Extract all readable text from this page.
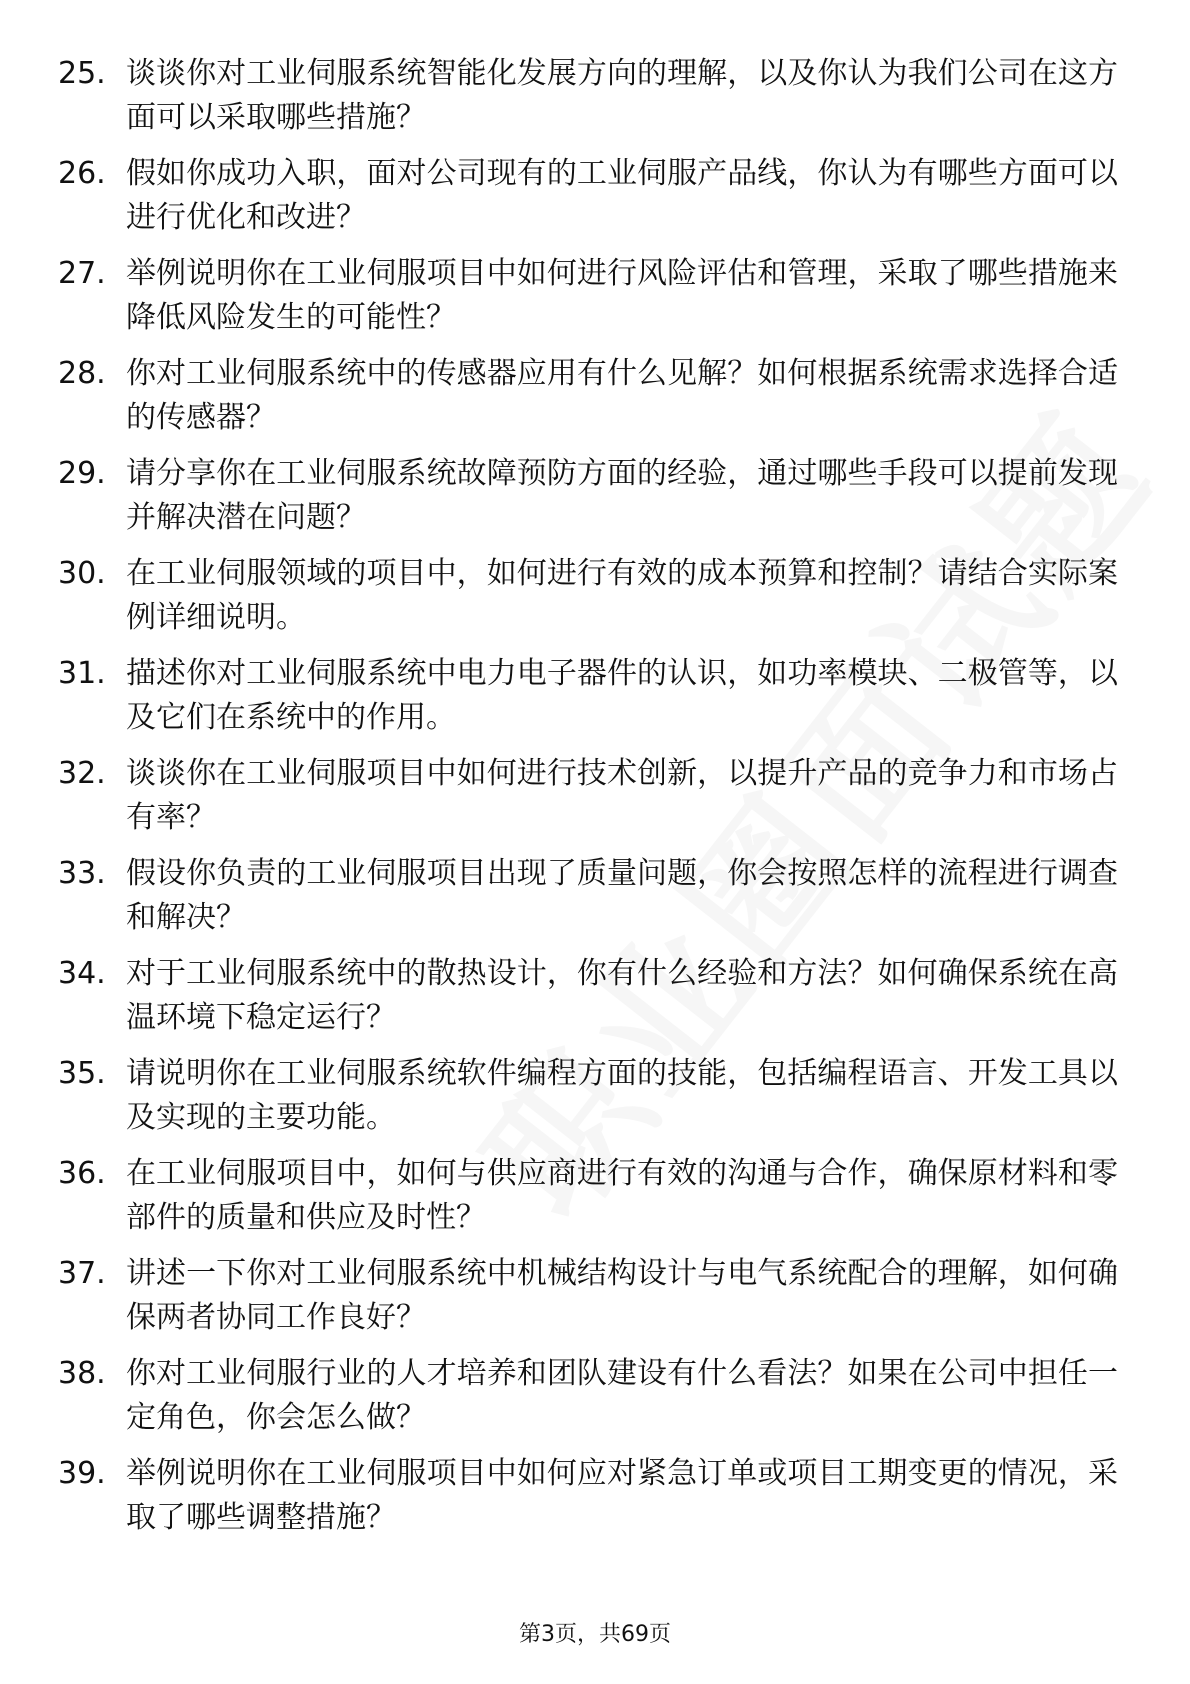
25. 谈谈你对工业伺服系统智能化发展方向的理解，以及你认为我们公司在这方面可以采取哪些措施？
26. 假如你成功入职，面对公司现有的工业伺服产品线，你认为有哪些方面可以进行优化和改进？
27. 举例说明你在工业伺服项目中如何进行风险评估和管理，采取了哪些措施来降低风险发生的可能性？
28. 你对工业伺服系统中的传感器应用有什么见解？如何根据系统需求选择合适的传感器？
29. 请分享你在工业伺服系统故障预防方面的经验，通过哪些手段可以提前发现并解决潜在问题？
30. 在工业伺服领域的项目中，如何进行有效的成本预算和控制？请结合实际案例详细说明。
31. 描述你对工业伺服系统中电力电子器件的认识，如功率模块、二极管等，以及它们在系统中的作用。
32. 谈谈你在工业伺服项目中如何进行技术创新，以提升产品的竞争力和市场占有率？
33. 假设你负责的工业伺服项目出现了质量问题，你会按照怎样的流程进行调查和解决？
34. 对于工业伺服系统中的散热设计，你有什么经验和方法？如何确保系统在高温环境下稳定运行？
35. 请说明你在工业伺服系统软件编程方面的技能，包括编程语言、开发工具以及实现的主要功能。
36. 在工业伺服项目中，如何与供应商进行有效的沟通与合作，确保原材料和零部件的质量和供应及时性？
37. 讲述一下你对工业伺服系统中机械结构设计与电气系统配合的理解，如何确保两者协同工作良好？
38. 你对工业伺服行业的人才培养和团队建设有什么看法？如果在公司中担任一定角色，你会怎么做？
39. 举例说明你在工业伺服项目中如何应对紧急订单或项目工期变更的情况，采取了哪些调整措施？
第3页，共69页
